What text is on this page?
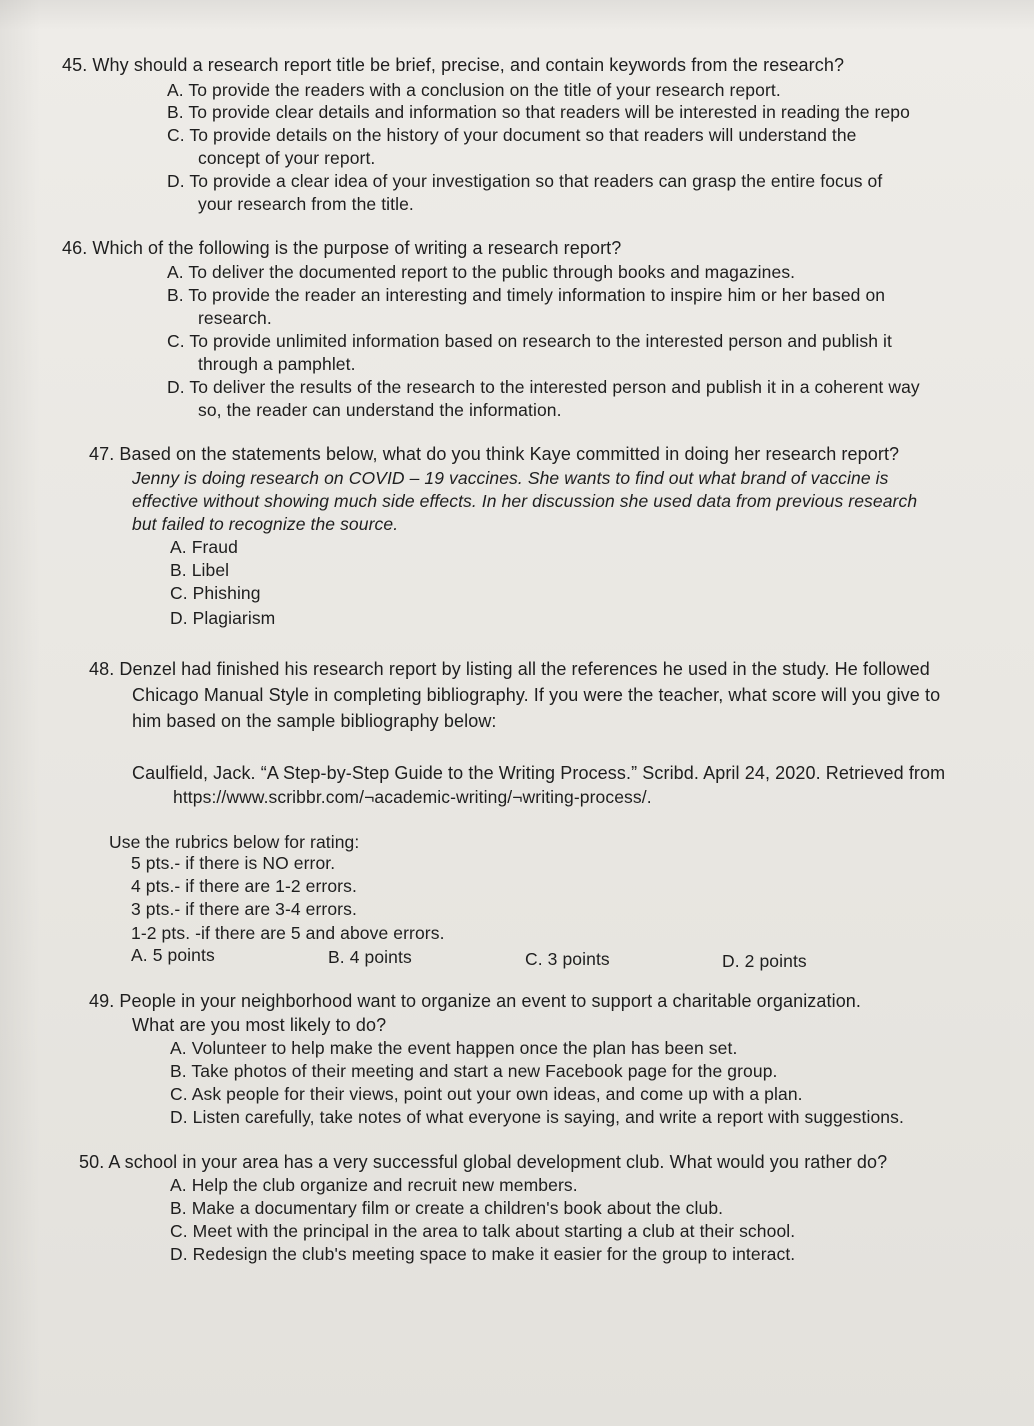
45. Why should a research report title be brief, precise, and contain keywords from the research?
A. To provide the readers with a conclusion on the title of your research report.
B. To provide clear details and information so that readers will be interested in reading the repo
C. To provide details on the history of your document so that readers will understand the
concept of your report.
D. To provide a clear idea of your investigation so that readers can grasp the entire focus of
your research from the title.
46. Which of the following is the purpose of writing a research report?
A. To deliver the documented report to the public through books and magazines.
B. To provide the reader an interesting and timely information to inspire him or her based on
research.
C. To provide unlimited information based on research to the interested person and publish it
through a pamphlet.
D. To deliver the results of the research to the interested person and publish it in a coherent way
so, the reader can understand the information.
47. Based on the statements below, what do you think Kaye committed in doing her research report?
Jenny is doing research on COVID – 19 vaccines. She wants to find out what brand of vaccine is
effective without showing much side effects. In her discussion she used data from previous research
but failed to recognize the source.
A. Fraud
B. Libel
C. Phishing
D. Plagiarism
48. Denzel had finished his research report by listing all the references he used in the study. He followed
Chicago Manual Style in completing bibliography. If you were the teacher, what score will you give to
him based on the sample bibliography below:
Caulfield, Jack. “A Step-by-Step Guide to the Writing Process.” Scribd. April 24, 2020. Retrieved from
https://www.scribbr.com/¬academic-writing/¬writing-process/.
Use the rubrics below for rating:
5 pts.- if there is NO error.
4 pts.- if there are 1-2 errors.
3 pts.- if there are 3-4 errors.
1-2 pts. -if there are 5 and above errors.
A. 5 points	B. 4 points	C. 3 points	D. 2 points
49. People in your neighborhood want to organize an event to support a charitable organization.
What are you most likely to do?
A. Volunteer to help make the event happen once the plan has been set.
B. Take photos of their meeting and start a new Facebook page for the group.
C. Ask people for their views, point out your own ideas, and come up with a plan.
D. Listen carefully, take notes of what everyone is saying, and write a report with suggestions.
50. A school in your area has a very successful global development club. What would you rather do?
A. Help the club organize and recruit new members.
B. Make a documentary film or create a children's book about the club.
C. Meet with the principal in the area to talk about starting a club at their school.
D. Redesign the club's meeting space to make it easier for the group to interact.
